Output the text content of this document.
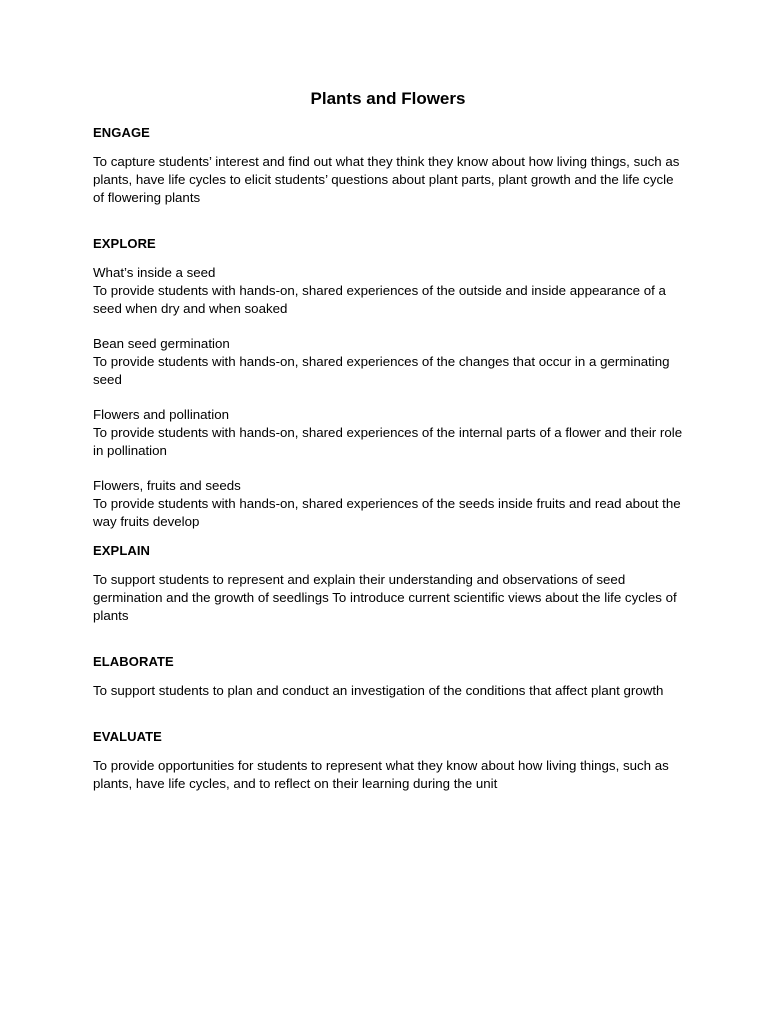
Plants and Flowers
ENGAGE

To capture students’ interest and find out what they think they know about how living things, such as plants, have life cycles to elicit students’ questions about plant parts, plant growth and the life cycle of flowering plants

EXPLORE

What’s inside a seed

To provide students with hands-on, shared experiences of the outside and inside appearance of a seed when dry and when soaked

Bean seed germination

To provide students with hands-on, shared experiences of the changes that occur in a germinating seed

Flowers and pollination

To provide students with hands-on, shared experiences of the internal parts of a flower and their role in pollination

Flowers, fruits and seeds

To provide students with hands-on, shared experiences of the seeds inside fruits and read about the way fruits develop

EXPLAIN

To support students to represent and explain their understanding and observations of seed germination and the growth of seedlings To introduce current scientific views about the life cycles of plants

ELABORATE

To support students to plan and conduct an investigation of the conditions that affect plant growth

EVALUATE

To provide opportunities for students to represent what they know about how living things, such as plants, have life cycles, and to reflect on their learning during the unit
